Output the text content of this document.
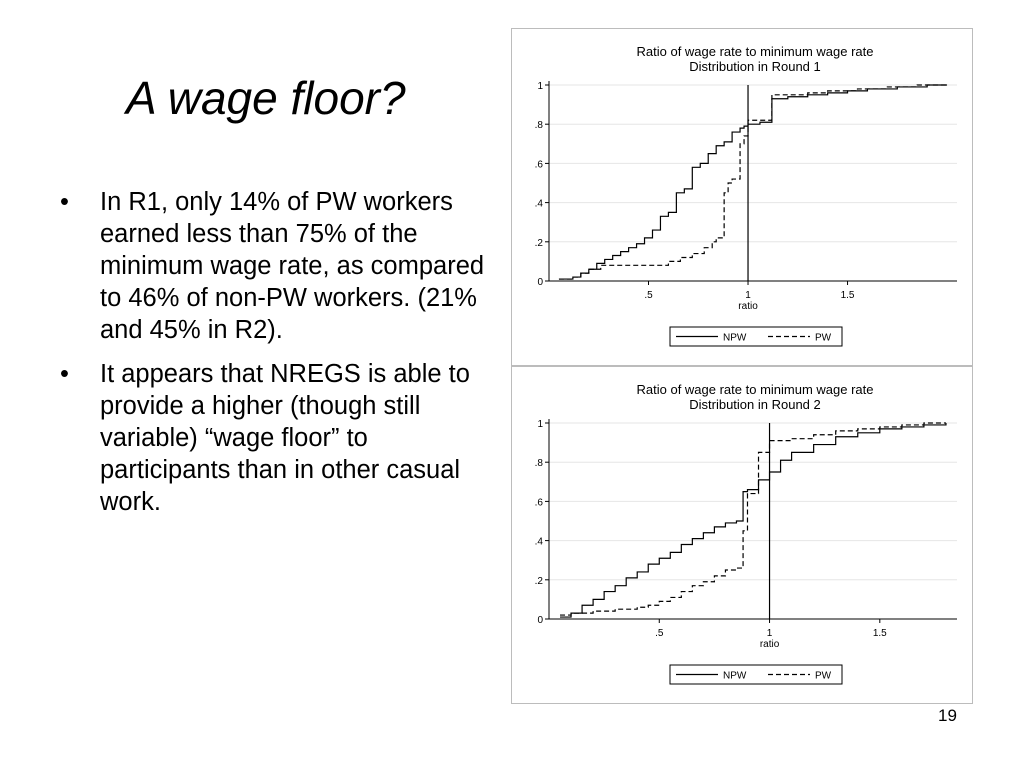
A wage floor?
• In R1, only 14% of PW workers earned less than 75% of the minimum wage rate, as compared to 46% of non-PW workers. (21% and 45% in R2).
• It appears that NREGS is able to provide a higher (though still variable) “wage floor” to participants than in other casual work.
Ratio of wage rate to minimum wage rate
Distribution in Round 1
0
.2
.4
.6
.8
1
.5	1	1.5
ratio
NPW	PW
Ratio of wage rate to minimum wage rate
Distribution in Round 2
0
.2
.4
.6
.8
1
.5	1	1.5
ratio
NPW	PW
19
